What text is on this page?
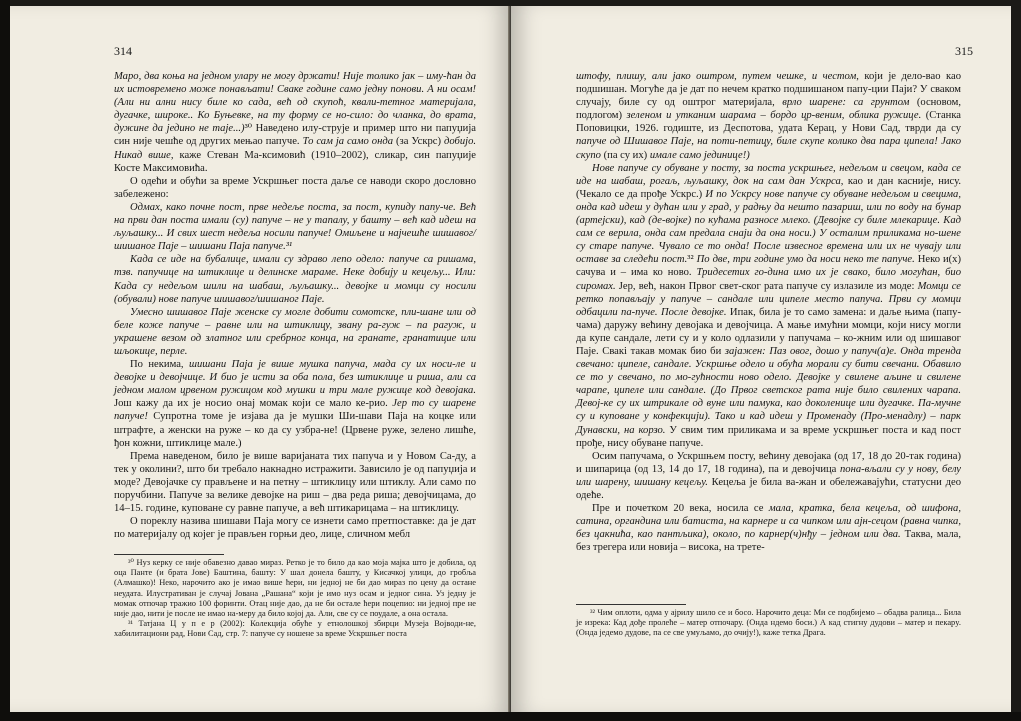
314

Маро, два коња на једном улару не могу држати! Није толико јак – иму-ћан да их истовремено може понављати! Сваке године само једну понови. А ни осам! (Али ни ални нису биле ко сада, већ од скупоћ, квали-тетног материјала, дугачке, широке.. Ко Буњевке, на ту форму се но-сило: до чланка, до врата, дужине да једино не таје...)³⁰ Наведено илу-струје и пример што ни папуџија син није чешће од других мењао папуче. То сам ја само онда (за Ускрс) добијо. Никад више, каже Стеван Ма-ксимовић (1910–2002), сликар, син папуџије Косте Максимовића.

О одећи и обући за време Ускршњег поста даље се наводи скоро дословно забележено:

Одмах, како почне пост, прве недеље поста, за пост, купиду папу-че. Већ на први дан поста имали (су) папуче – не у тапалу, у башту – већ кад идеш на љуљашку... И свих шест недеља носили папуче! Омиљене и најчешће шишавог/шишаног Паје – шишани Паја папуче.³¹

Када се иде на бубалице, имали су здраво лепо одело: папуче са ришама, тзв. папучице на штиклице и делинске мараме. Неке добију и кецељу... Или: Када су недељом шили на шабаш, љуљашку... девојке и момци су носили (обували) нове папуче шишавог/шишаног Паје.

Умесно шишавог Паје женске су могле добити сомотске, пли-шане или од беле коже папуче – равне или на штиклицу, звану ра-гуж – па рагуж, и украшене везом од златног или сребрног конца, на гранате, гранатицие или шљокице, перле.

По некима, шишани Паја је више мушка папуча, мада су их носи-ле и девојке и девојчице. И био је исти за оба пола, без штиклице и риша, али са једном малом црвеном ружицом код мушки и три мале ружице код девојака. Још кажу да их је носио онај момак који се мало ке-рио. Јер то су шарене папуче! Супротна томе је изјава да је мушки Ши-шави Паја на коцке или штрафте, а женски на руже – ко да су узбра-не! (Црвене руже, зелено лишће, ђон кожни, штиклице мале.)

Према наведеном, било је више варијаната тих папуча и у Новом Са-ду, а тек у околини?, што би требало накнадно истражити. Зависило је од папуџија и моде? Девојачке су прављене и на петну – штиклицу или штиклу. Али само по поручбини. Папуче за велике девојке на риш – два реда риша; девојчицама, до 14–15. године, куповане су равне папуче, а већ штикарицама – на штиклицу.

О пореклу назива шишави Паја могу се изнети само претпоставке: да је дат по материјалу од којег је прављен горњи део, лице, сличном мебл

³⁰ Нуз керку се није обавезно давао мираз. Ретко је то било да као моја мајка што је добила, од оца Панте (и брата Јове) Баштина, башту: У шал донела башту, у Кисачкој улици, до гробља (Алмашко)! Неко, нарочито ако је имао више ћери, ни једној не би дао мираз по цену да остане неудата. Илустративан је случај Јована „Рашана“ који је имо нуз осам и једног сина. Уз једну је момак отпочар тражио 100 форинти. Отац није дао, да не би остале ћери поцепио: ни једној пре не није дао, нити је после не имао на-меру да било којој да. Али, све су се поудале, а она остала.

³¹ Татјана Ц у п е р (2002): Колекција обуће у етнолошкој збирци Музеја Војводи-не, хабилитациони рад, Нови Сад, стр. 7: папуче су ношене за време Ускршњег поста

315

штофу, плишу, али јако оштром, путем чешке, и честом, који је дело-вао као подшишан. Могуће да је дат по нечем кратко подшишаном папу-ции Паји? У сваком случају, биле су од оштрог материјала, врло шарене: са грунтом (основом, подлогом) зеленом и утканим шарама – бордо цр-веним, облика ружице. (Станка Поповицки, 1926. годиште, из Деспотова, удата Керац, у Нови Сад, тврди да су папуче од Шишавог Паје, на поти-петицу, биле скупе колико два пара ципела! Јако скупо (па су их) имале само јединице!)

Нове папуче су обуване у посту, за поста ускршњег, недељом и свецом, када се иде на шабаш, рогаљ, љуљашку, док на сам дан Ускрса, као и дан касније, нису. (Чекало се да прође Ускрс.) И по Ускрсу нове папуче су обуване недељом и свецима, онда кад идеш у дућан или у град, у радњу да нешто пазариш, или по воду на бунар (артејски), кад (де-војке) по кућама разносе млеко. (Девојке су биле млекарице. Кад сам се верила, онда сам предала снаји да она носи.) У осталим приликама но-шене су старе папуче. Чувало се то онда! После извесног времена или их не чувају или оставе за следећи пост.³² По две, три године умо да носи неко те папуче. Неко и(х) сачува и – има ко ново. Тридесетих го-дина имо их је свако, било могућан, био сиромах. Јер, већ, након Првог свет-ског рата папуче су излазиле из моде: Момци се ретко попављају у папуче – сандале или ципеле место папуча. Први су момци одбацили па-пуче. После девојке. Ипак, била је то само замена: и даље њима (папу-чама) даружу већину девојака и девојчица. А мање имућни момци, који нису могли да купе сандале, лети су и у коло одлазили у папучама – ко-жним или од шишавог Паје. Свакi такав момак био би зајажен: Паз овог, дошо у папуч(а)е. Онда тренда свечано: ципеле, сандале. Ускршње одело и обућа морали су бити свечани. Обавило се то у свечано, по мо-гућности ново одело. Девојке у свилене аљине и свилене чарапе, ципеле или сандале. (До Првог светског рата није било свилених чарапа. Девој-ке су их штрикале од вуне или памука, као доколенице или дугачке. Па-мучне су и куповане у конфекцији). Тако и кад идеш у Променаду (Про-менадлу) – парк Дунавски, на корзо. У свим тим приликама и за време ускршњег поста и кад пост прође, нису обуване папуче.

Осим папучама, о Ускршњем посту, већину девојака (од 17, 18 до 20-так година) и шипарица (од 13, 14 до 17, 18 година), па и девојчица пона-вљали су у нову, белу или шарену, шишану кецељу. Кецеља је била ва-жан и обележавајући, статусни део одеће.

Пре и почетком 20 века, носила се мала, кратка, бела кецеља, од шифона, сатина, органдина или батиста, на карнере и са чипком или ајн-сецом (равна чипка, без цакнића, као пантљика), около, по карнер(ч)нђу – једном или два. Таква, мала, без трегера или новија – висока, на трете-

³² Чим оплоти, одма у ајрилу шило се и босо. Нарочито деца: Ми се подбијемо – обадва ралица... Била је изрека: Кад дође пролеће – матер отпочару. (Онда ндемо боси.) А кад стигну дудови – матер и пекарy. (Онда једемо дудове, па се све умуљамо, до очију!), каже тетка Драга.
